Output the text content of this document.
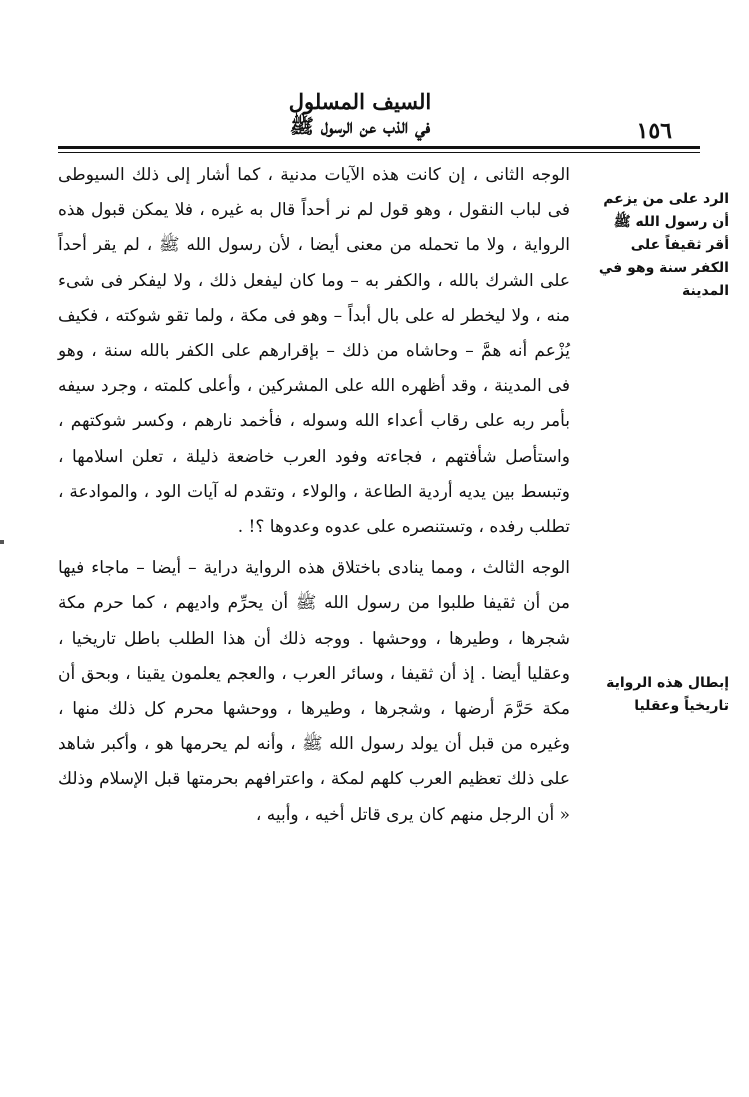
١٥٦
السيف المسلول
في الذب عن الرسول ﷺ
الرد على من يزعم أن رسول الله ﷺ أقر ثقيفاً على الكفر سنة وهو في المدينة
إبطال هذه الرواية تاريخياً وعقليا

الوجه الثانى ، إن كانت هذه الآيات مدنية ، كما أشار إلى ذلك السيوطى فى لباب النقول ، وهو قول لم نر أحداً قال به غيره ، فلا يمكن قبول هذه الرواية ، ولا ما تحمله من معنى أيضا ، لأن رسول الله ﷺ ، لم يقر أحداً على الشرك بالله ، والكفر به – وما كان ليفعل ذلك ، ولا ليفكر فى شىء منه ، ولا ليخطر له على بال أبداً – وهو فى مكة ، ولما تقو شوكته ، فكيف يُزْعم أنه همَّ – وحاشاه من ذلك – بإقرارهم على الكفر بالله سنة ، وهو فى المدينة ، وقد أظهره الله على المشركين ، وأعلى كلمته ، وجرد سيفه بأمر ربه على رقاب أعداء الله وسوله ، فأخمد نارهم ، وكسر شوكتهم ، واستأصل شأفتهم ، فجاءته وفود العرب خاضعة ذليلة ، تعلن اسلامها ، وتبسط بين يديه أردية الطاعة ، والولاء ، وتقدم له آيات الود ، والموادعة ، تطلب رفده ، وتستنصره على عدوه وعدوها ؟! .

الوجه الثالث ، ومما ينادى باختلاق هذه الرواية دراية – أيضا – ماجاء فيها من أن ثقيفا طلبوا من رسول الله ﷺ أن يحرِّم واديهم ، كما حرم مكة شجرها ، وطيرها ، ووحشها . ووجه ذلك أن هذا الطلب باطل تاريخيا ، وعقليا أيضا . إذ أن ثقيفا ، وسائر العرب ، والعجم يعلمون يقينا ، وبحق أن مكة حَرَّمَ أرضها ، وشجرها ، وطيرها ، ووحشها محرم كل ذلك منها ، وغيره من قبل أن يولد رسول الله ﷺ ، وأنه لم يحرمها هو ، وأكبر شاهد على ذلك تعظيم العرب كلهم لمكة ، واعترافهم بحرمتها قبل الإسلام وذلك « أن الرجل منهم كان يرى قاتل أخيه ، وأبيه ،
